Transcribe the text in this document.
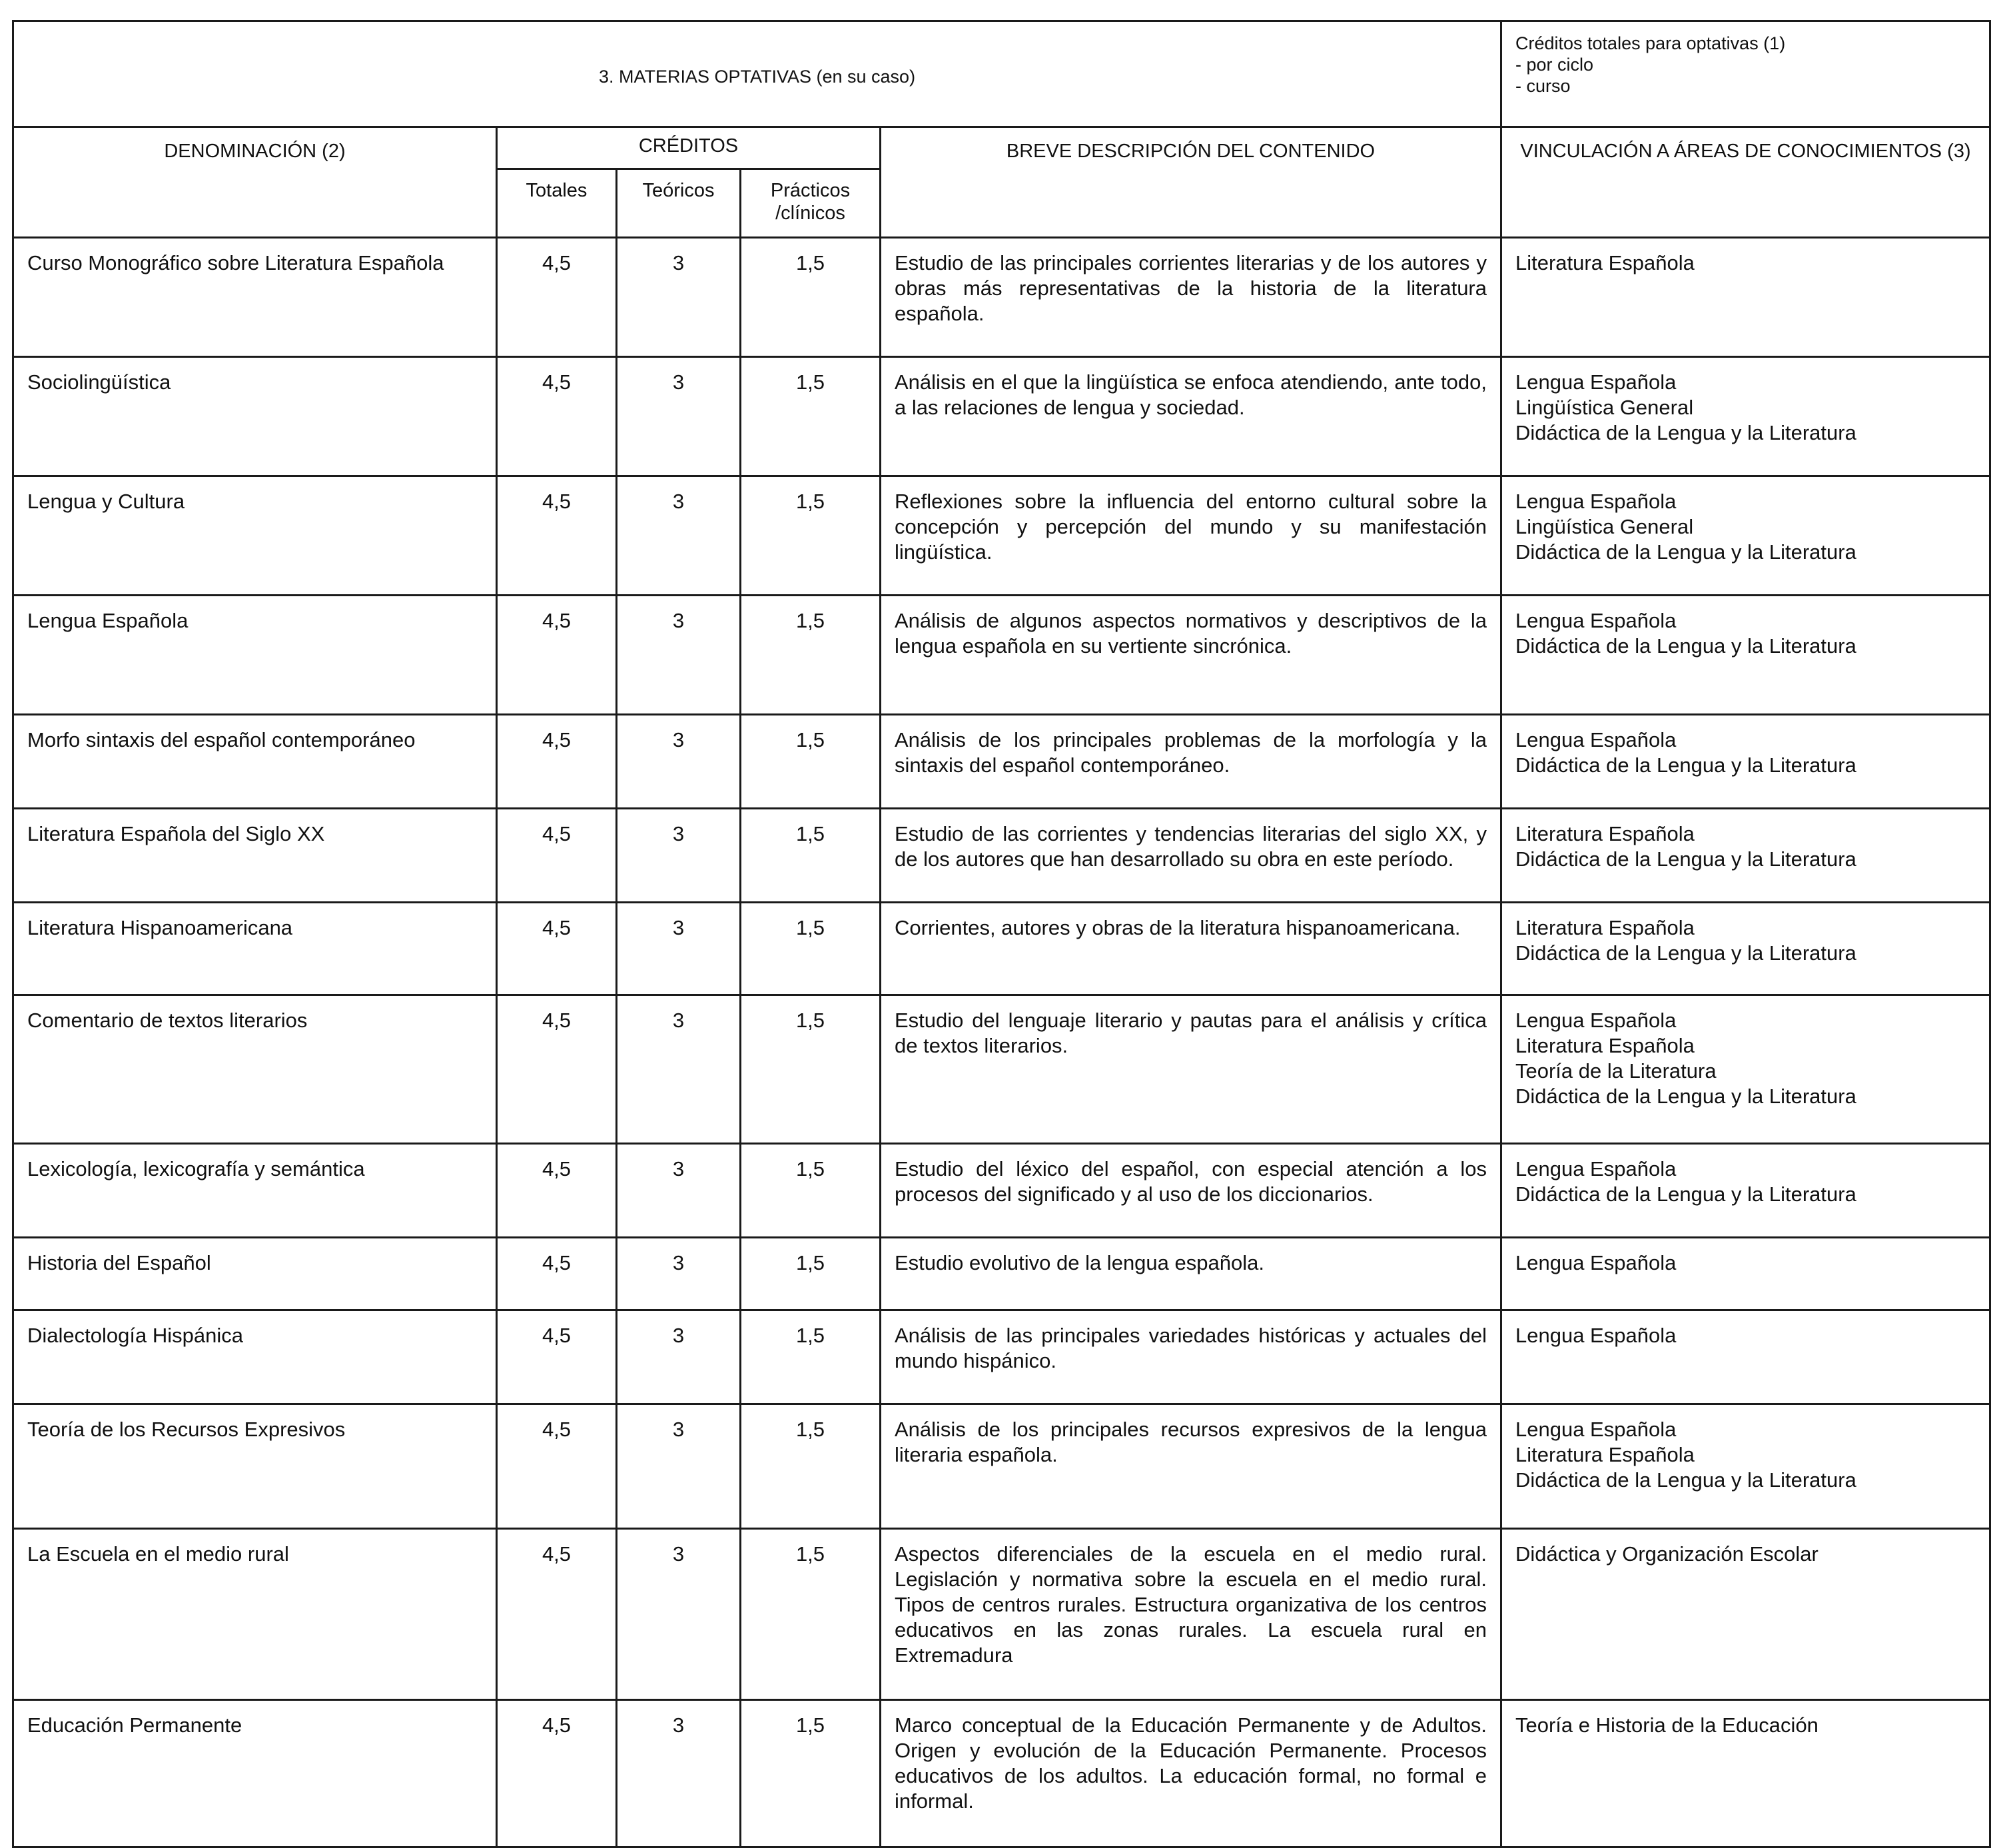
3. MATERIAS OPTATIVAS (en su caso)					Créditos totales para optativas (1)
- por ciclo
- curso

DENOMINACIÓN (2)	CRÉDITOS			BREVE DESCRIPCIÓN DEL CONTENIDO	VINCULACIÓN A ÁREAS DE CONOCIMIENTOS (3)
	Totales	Teóricos	Prácticos
/clínicos		

Curso Monográfico sobre Literatura Española	4,5	3	1,5	Estudio de las principales corrientes literarias y de los autores y obras más representativas de la historia de la literatura española.	Literatura Española

Sociolingüística	4,5	3	1,5	Análisis en el que la lingüística se enfoca atendiendo, ante todo, a las relaciones de lengua y sociedad.	Lengua Española
Lingüística General
Didáctica de la Lengua y la Literatura

Lengua y Cultura	4,5	3	1,5	Reflexiones sobre la influencia del entorno cultural sobre la concepción y percepción del mundo y su manifestación lingüística.	Lengua Española
Lingüística General
Didáctica de la Lengua y la Literatura

Lengua Española	4,5	3	1,5	Análisis de algunos aspectos normativos y descriptivos de la lengua española en su vertiente sincrónica.	Lengua Española
Didáctica de la Lengua y la Literatura

Morfo sintaxis del español contemporáneo	4,5	3	1,5	Análisis de los principales problemas de la morfología y la sintaxis del español contemporáneo.	Lengua Española
Didáctica de la Lengua y la Literatura

Literatura Española del Siglo XX	4,5	3	1,5	Estudio de las corrientes y tendencias literarias del siglo XX, y de los autores que han desarrollado su obra en este período.	Literatura Española
Didáctica de la Lengua y la Literatura

Literatura Hispanoamericana	4,5	3	1,5	Corrientes, autores y obras de la literatura hispanoamericana.	Literatura Española
Didáctica de la Lengua y la Literatura

Comentario de textos literarios	4,5	3	1,5	Estudio del lenguaje literario y pautas para el análisis y crítica de textos literarios.	Lengua Española
Literatura Española
Teoría de la Literatura
Didáctica de la Lengua y la Literatura

Lexicología, lexicografía y semántica	4,5	3	1,5	Estudio del léxico del español, con especial atención a los procesos del significado y al uso de los diccionarios.	Lengua Española
Didáctica de la Lengua y la Literatura

Historia del Español	4,5	3	1,5	Estudio evolutivo de la lengua española.	Lengua Española

Dialectología Hispánica	4,5	3	1,5	Análisis de las principales variedades históricas y actuales del mundo hispánico.	Lengua Española

Teoría de los Recursos Expresivos	4,5	3	1,5	Análisis de los principales recursos expresivos de la lengua literaria española.	Lengua Española
Literatura Española
Didáctica de la Lengua y la Literatura

La Escuela en el medio rural	4,5	3	1,5	Aspectos diferenciales de la escuela en el medio rural. Legislación y normativa sobre la escuela en el medio rural. Tipos de centros rurales. Estructura organizativa de los centros educativos en las zonas rurales. La escuela rural en Extremadura	Didáctica y Organización Escolar

Educación Permanente	4,5	3	1,5	Marco conceptual de la Educación Permanente y de Adultos. Origen y evolución de la Educación Permanente. Procesos educativos de los adultos. La educación formal, no formal e informal.	Teoría e Historia de la Educación
